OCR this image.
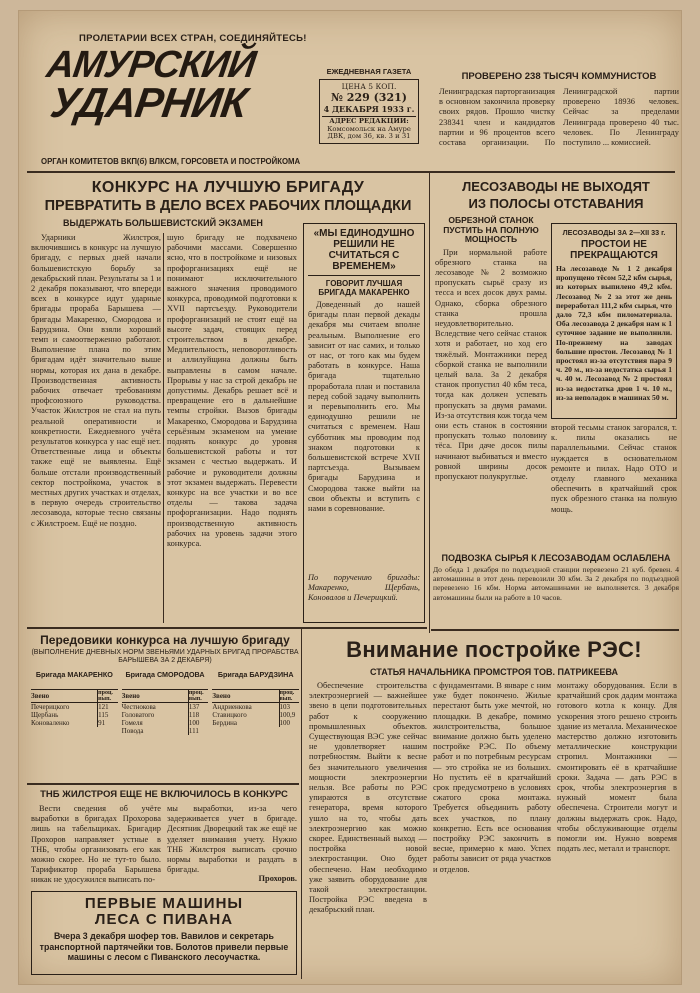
ПРОЛЕТАРИИ ВСЕХ СТРАН, СОЕДИНЯЙТЕСЬ!
АМУРСКИЙ
УДАРНИК
ОРГАН КОМИТЕТОВ ВКП(б) ВЛКСМ, ГОРСОВЕТА И ПОСТРОЙКОМА
ЕЖЕДНЕВНАЯ ГАЗЕТА
ЦЕНА 5 КОП.
№ 229 (321)
4 ДЕКАБРЯ 1933 г.
АДРЕС РЕДАКЦИИ:
Комсомольск на Амуре ДВК, дом 36, кв. 3 и 31
ПРОВЕРЕНО 238 ТЫСЯЧ КОММУНИСТОВ
Ленинградская парторганизация в основном закончила проверку своих рядов. Прошло чистку 238341 член и кандидатов партии и 96 процентов всего состава организации. По Ленинградской партии проверено 18936 человек. Сейчас за пределами Ленинграда проверено 40 тыс. человек. По Ленинграду поступило ... комиссией.
КОНКУРС НА ЛУЧШУЮ БРИГАДУ
ПРЕВРАТИТЬ В ДЕЛО ВСЕХ РАБОЧИХ ПЛОЩАДКИ
ВЫДЕРЖАТЬ БОЛЬШЕВИСТСКИЙ ЭКЗАМЕН
Ударники Жилстроя, включившись в конкурс на лучшую бригаду, с первых дней начали большевистскую борьбу за декабрьский план. Результаты за 1 и 2 декабря показывают, что впереди всех в конкурсе идут ударные бригады прораба Барышева — бригады Макаренко, Смородова и Барудзина. Они взяли хороший темп и самоотверженно работают. Выполнение плана по этим бригадам идёт значительно выше нормы, которая их дана в декабре. Производственная активность рабочих отвечает требованиям профсоюзного руководства. Участок Жилстроя не стал на путь реальной оперативности и конкретности. Ежедневного учёта результатов конкурса у нас ещё нет. Ответственные лица и объекты также ещё не выявлены. Ещё больше отстали производственный сектор постройкома, участок в местных других участках и отделах, в первую очередь строительство лесозавода, которые тесно связаны с Жилстроем. Ещё не поздно.
шую бригаду не подхвачено рабочими массами. Совершенно ясно, что в постройкоме и низовых профорганизациях ещё не понимают исключительного важного значения проводимого конкурса, проводимой подготовки к XVII партсъезду. Руководители профорганизаций не стоят ещё на высоте задач, стоящих перед строительством в декабре. Медлительность, неповоротливость и аллилуйщина должны быть выправлены в самом начале. Прорывы у нас за строй декабрь не допустимы. Декабрь решает всё и превращение его в дальнейшие темпы стройки. Вызов бригады Макаренко, Смородова и Барудзина серьёзным экзаменом на умение поднять конкурс до уровня большевистской работы и тот экзамен с честью выдержать. И рабочие и руководители должны этот экзамен выдержать. Перевести конкурс на все участки и во все отделы — такова задача профорганизации. Надо поднять производственную активность рабочих на уровень задачи этого конкурса.
«МЫ ЕДИНОДУШНО РЕШИЛИ НЕ СЧИТАТЬСЯ С ВРЕМЕНЕМ»
ГОВОРИТ ЛУЧШАЯ БРИГАДА МАКАРЕНКО
Доведенный до нашей бригады план первой декады декабря мы считаем вполне реальным. Выполнение его зависит от нас самих, и только от нас, от того как мы будем работать в конкурсе. Наша бригада тщательно проработала план и поставила перед собой задачу выполнить и перевыполнить его. Мы единодушно решили не считаться с временем. Наш субботник мы проводим под знаком подготовки к большевистской встрече XVII партсъезда. Вызываем бригады Барудзина и Смородова также выйти на свои объекты и вступить с нами в соревнование.
По поручению бригады: Макаренко, Щербань, Коновалов и Печерицкий.
ЛЕСОЗАВОДЫ НЕ ВЫХОДЯТ
ИЗ ПОЛОСЫ ОТСТАВАНИЯ
ОБРЕЗНОЙ СТАНОК ПУСТИТЬ НА ПОЛНУЮ МОЩНОСТЬ
При нормальной работе обрезного станка на лесозаводе № 2 возможно пропускать сырьё сразу из тесса и всех досок двух рамы. Однако, сборка обрезного станка прошла неудовлетворительно. Вследствие чего сейчас станок хотя и работает, но ход его тяжёлый. Монтажники перед сборкой станка не выполнили целый вала. За 2 декабря станок пропустил 40 кбм теса, тогда как должен успевать пропускать за двумя рамами. Из-за отсутствия кож тогда чем они есть станок в состоянии пропускать только половину тёса. При даче досок пилы начинают выбиваться и вместо ровной ширины досок пропускают полукруглые.
ЛЕСОЗАВОДЫ ЗА 2—XII 33 г.
ПРОСТОИ НЕ ПРЕКРАЩАЮТСЯ
На лесозаводе № 1 2 декабря пропущено тёсом 52,2 кбм сырья, из которых выпилено 49,2 кбм. Лесозавод № 2 за этот же день переработал 111,2 кбм сырья, что дало 72,3 кбм пиломатериала. Оба лесозавода 2 декабря нам к 1 суточное задание не выполнили. По-прежнему на заводах большие простои. Лесозавод № 1 простоял из-за отсутствия пара 9 ч. 20 м., из-за недостатка сырья 1 ч. 40 м. Лесозавод № 2 простоял из-за недостатка дров 1 ч. 10 м., из-за неполадок в машинах 50 м.
второй тесьмы станок загорался, т. к. пилы оказались не параллельными. Сейчас станок нуждается в основательном ремонте и пилах. Надо ОТО и отделу главного механика обеспечить в кратчайший срок пуск обрезного станка на полную мощь.
ПОДВОЗКА СЫРЬЯ К ЛЕСОЗАВОДАМ ОСЛАБЛЕНА
До обеда 1 декабря по подъездной станции перевезено 21 куб. бревен. 4 автомашины в этот день перевозили 30 кбм. За 2 декабря по подъездной перевезено 16 кбм. Норма автомашинами не выполняется. 3 декабря автомашины были на работе в 10 часов.
Передовики конкурса на лучшую бригаду
(ВЫПОЛНЕНИЕ ДНЕВНЫХ НОРМ ЗВЕНЬЯМИ УДАРНЫХ БРИГАД ПРОРАБСТВА БАРЫШЕВА ЗА 2 ДЕКАБРЯ)
Бригада МАКАРЕНКО
Звено	проц. вып.
Печерицкого	121
Щербань	115
Коноваленко	91
Бригада СМОРОДОВА
Звено	проц. вып.
Честнокова	137
Головатого	118
Гомеля	100
Повода	111
Бригада БАРУДЗИНА
Звено	проц. вып.
Андриенкова	103
Ставицкого	100,9
Бердина	100
ТНБ ЖИЛСТРОЯ ЕЩЕ НЕ ВКЛЮЧИЛОСЬ В КОНКУРС
Вести сведения об учёте выработки в бригадах Прохорова лишь на табельщиках. Бригадир Прохоров направляет устные в ТНБ, чтобы организовать его как можно скорее. Но не тут-то было. Тарификатор прораба Барышева никак не удосужился выписать по-
мы выработки, из-за чего задерживается учет в бригаде. Десятник Дворецкий так же ещё не уделяет внимания учету. Нужно ТНБ Жилстроя выписать срочно нормы выработки и раздать в бригады.
Прохоров.
ПЕРВЫЕ МАШИНЫ
ЛЕСА С ПИВАНА
Вчера 3 декабря шофер тов. Вавилов и секретарь транспортной партячейки тов. Болотов привели первые машины с лесом с Пиванского лесоучастка.
Внимание постройке РЭС!
СТАТЬЯ НАЧАЛЬНИКА ПРОМСТРОЯ ТОВ. ПАТРИКЕЕВА
Обеспечение строительства электроэнергией — важнейшее звено в цепи подготовительных работ к сооружению промышленных объектов. Существующая ВЭС уже сейчас не удовлетворяет нашим потребностям. Выйти к весне без значительного увеличения мощности электроэнергии нельзя. Все работы по РЭС упираются в отсутствие генератора, время которого ушло на то, чтобы дать электроэнергию как можно скорее. Единственный выход — постройка новой электростанции. Оно будет обеспечено. Нам необходимо уже заявить оборудование для такой электростанции. Постройка РЭС введена в декабрьский план.
с фундаментами. В январе с ним уже будет покончено. Жилые перестают быть уже мечтой, но площадки. В декабре, помимо жилстроительства, большое внимание должно быть уделено постройке РЭС. По объему работ и по потребным ресурсам — это стройка не из больших. Но пустить её в кратчайший срок предусмотрено в условиях сжатого срока монтажа. Требуется объединить работу всех участков, по плану конкретно. Есть все основания постройку РЭС закончить в весне, примерно к маю. Успех работы зависит от ряда участков и отделов.
монтажу оборудования. Если в кратчайший срок дадим монтажа готового котла к концу. Для ускорения этого решено строить здание из металла. Механическое мастерство должно изготовить металлические конструкции стропил. Монтажники — смонтировать её в кратчайшие сроки. Задача — дать РЭС в срок, чтобы электроэнергия в нужный момент была обеспечена. Строители могут и должны выдержать срок. Надо, чтобы обслуживающие отделы помогли им. Нужно вовремя подать лес, металл и транспорт.
